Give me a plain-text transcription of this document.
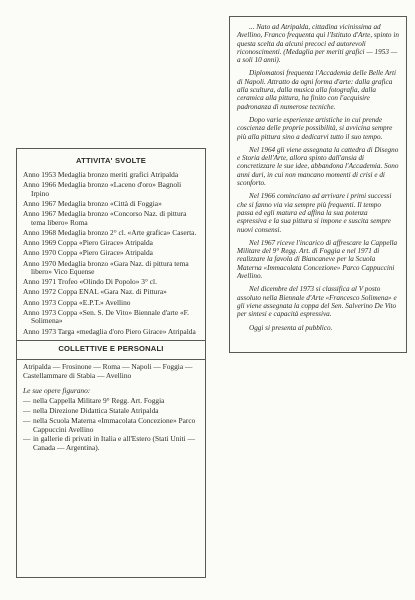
... Nato ad Atripalda, cittadina vicinissima ad Avellino, Franco frequenta qui l'Istituto d'Arte, spinto in questa scelta da alcuni precoci ed autorevoli riconoscimenti. (Medaglia per meriti grafici — 1953 — a soli 10 anni).

Diplomatosi frequenta l'Accademia delle Belle Arti di Napoli. Attratto da ogni forma d'arte: dalla grafica alla scultura, dalla musica alla fotografia, dalla ceramica alla pittura, ha finito con l'acquisire padronanza di numerose tecniche.

Dopo varie esperienze artistiche in cui prende coscienza delle proprie possibilità, si avvicina sempre più alla pittura sino a dedicarvi tutto il suo tempo.

Nel 1964 gli viene assegnata la cattedra di Disegno e Storia dell'Arte, allora spinto dall'ansia di concretizzare le sue idee, abbandona l'Accademia. Sono anni duri, in cui non mancano momenti di crisi e di sconforto.

Nel 1966 cominciano ad arrivare i primi successi che si fanno via via sempre più frequenti. Il tempo passa ed egli matura ed affina la sua potenza espressiva e la sua pittura si impone e suscita sempre nuovi consensi.

Nel 1967 riceve l'incarico di affrescare la Cappella Militare del 9° Regg. Art. di Foggia e nel 1971 di realizzare la favola di Biancaneve per la Scuola Materna «Immacolata Concezione» Parco Cappuccini Avellino.

Nel dicembre del 1973 si classifica al V posto assoluto nella Biennale d'Arte «Francesco Solimena» e gli viene assegnata la coppa del Sen. Salverino De Vito per sintesi e capacità espressiva.

Oggi si presenta al pubblico.

ATTIVITA' SVOLTE
Anno 1953 Medaglia bronzo meriti grafici Atripalda
Anno 1966 Medaglia bronzo «Laceno d'oro» Bagnoli Irpino
Anno 1967 Medaglia bronzo «Città di Foggia»
Anno 1967 Medaglia bronzo «Concorso Naz. di pittura tema libero» Roma
Anno 1968 Medaglia bronzo 2° cl. «Arte grafica» Caserta.
Anno 1969 Coppa «Piero Girace» Atripalda
Anno 1970 Coppa «Piero Girace» Atripalda
Anno 1970 Medaglia bronzo «Gara Naz. di pittura tema libero» Vico Equense
Anno 1971 Trofeo «Olindo Di Popolo» 3° cl.
Anno 1972 Coppa ENAL «Gara Naz. di Pittura»
Anno 1973 Coppa «E.P.T.» Avellino
Anno 1973 Coppa «Sen. S. De Vito» Biennale d'arte «F. Solimena»
Anno 1973 Targa «medaglia d'oro Piero Girace» Atripalda
COLLETTIVE E PERSONALI
Atripalda — Frosinone — Roma — Napoli — Foggia — Castellammare di Stabia — Avellino
Le sue opere figurano:
— nella Cappella Militare 9° Regg. Art. Foggia
— nella Direzione Didattica Statale Atripalda
— nella Scuola Materna «Immacolata Concezione» Parco Cappuccini Avellino
— in gallerie di privati in Italia e all'Estero (Stati Uniti — Canada — Argentina).
